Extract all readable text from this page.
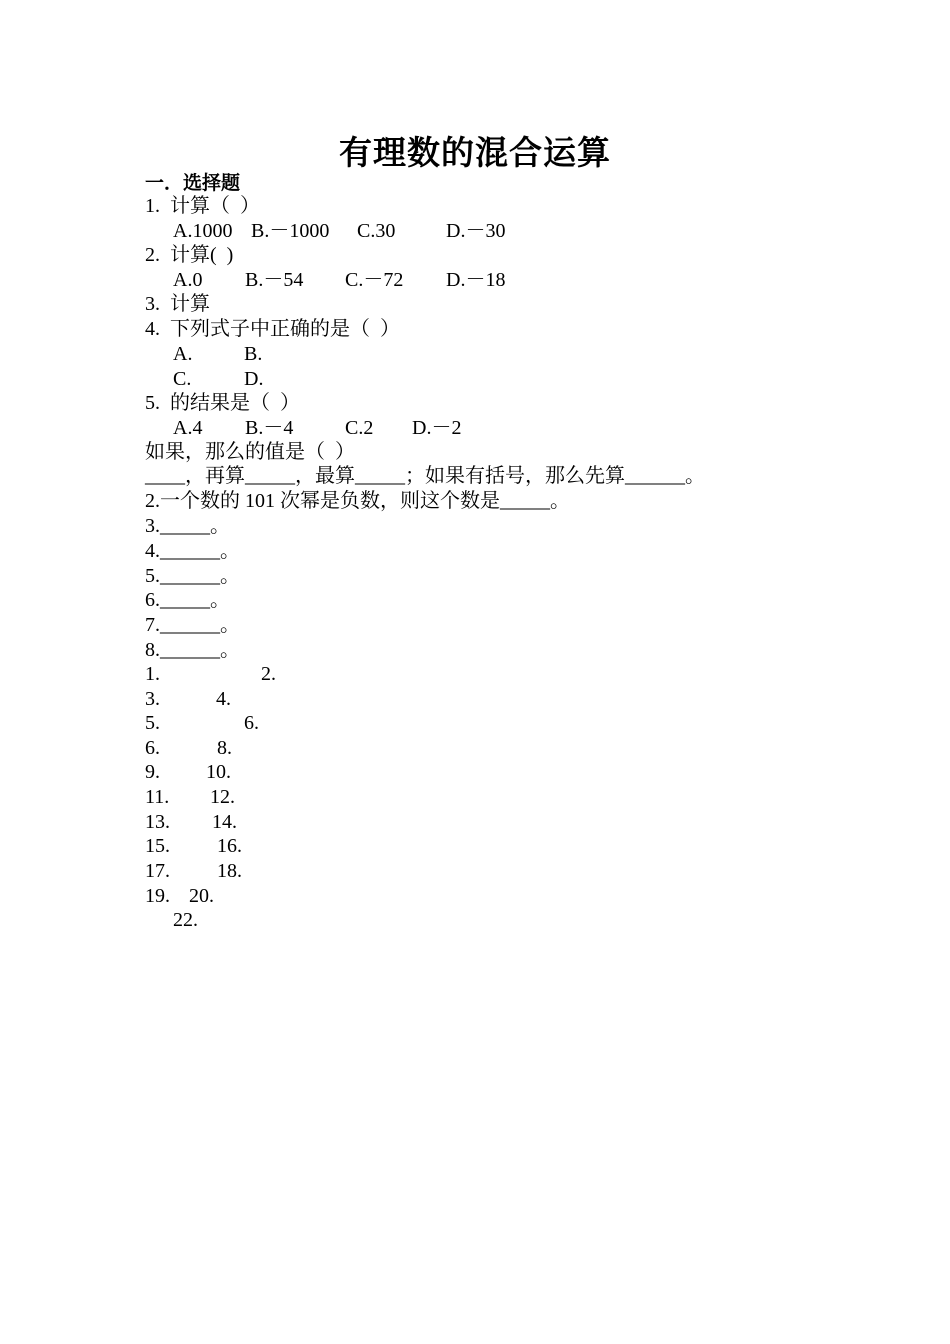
有理数的混合运算
一．选择题
1.  计算（  ）

A.1000

B.－1000

C.30

	D.－30

2.  计算(  )

A.0

B.－54

C.－72

D.－18

3.  计算
4.  下列式子中正确的是（  ）

A.

	B.

C.

	D.

5.  的结果是（  ）

A.4

B.－4

	C.2

D.－2

如果，那么的值是（  ）
____，再算_____，最算_____；如果有括号，那么先算______。
2.一个数的 101 次幂是负数，则这个数是_____。
3._____。
4.______。
5.______。
6._____。
7.______。
8.______。

1.

	2.

3.

	4.

5.

	6.

6.

	8.

9.

10.

11.

12.

13.

14.

15.

16.

17.

18.

19.

20.

22.
